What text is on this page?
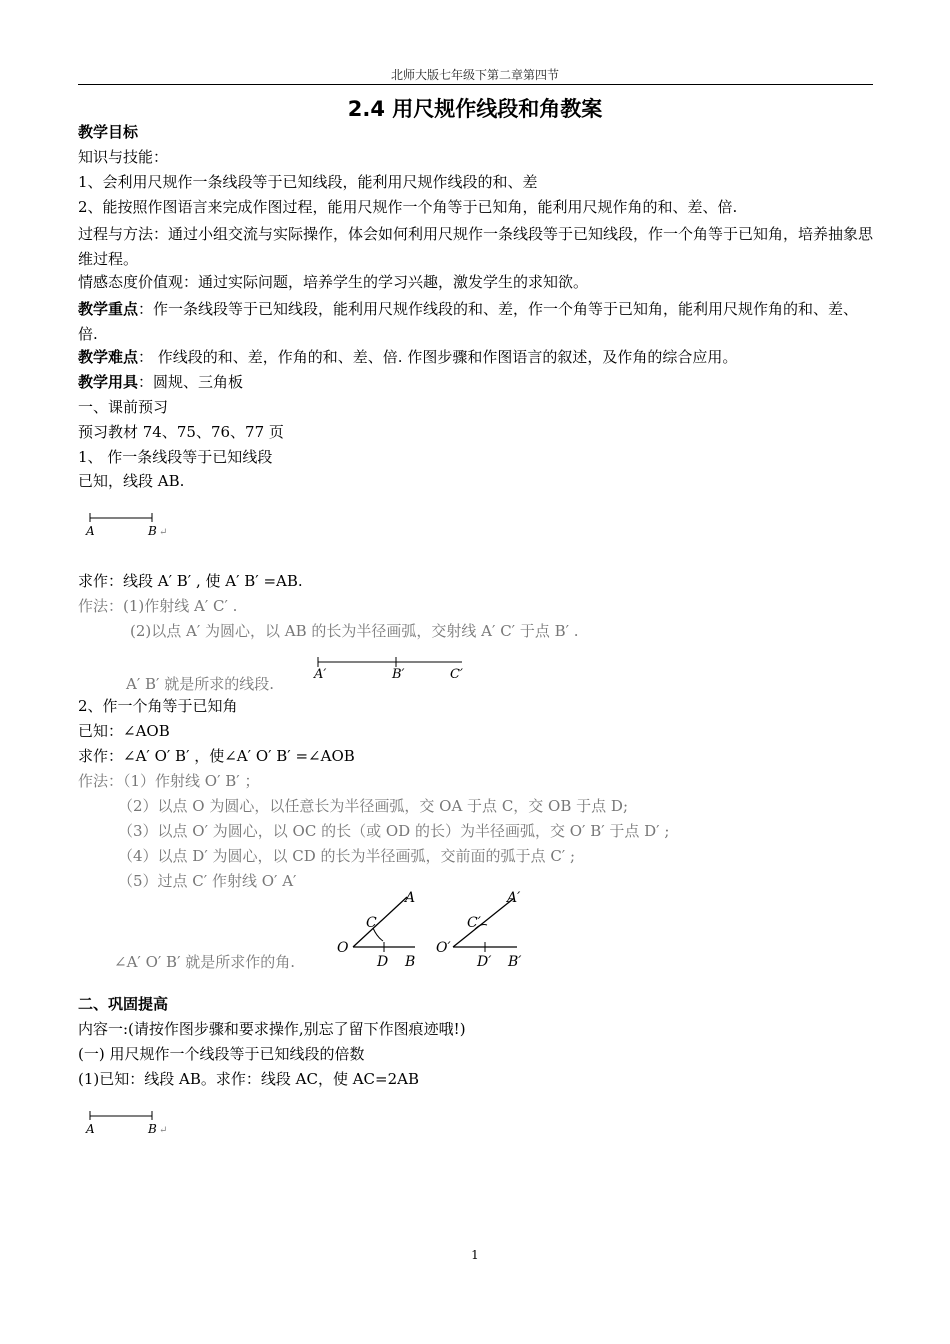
北师大版七年级下第二章第四节
2.4 用尺规作线段和角教案
教学目标
知识与技能：
1、会利用尺规作一条线段等于已知线段，能利用尺规作线段的和、差
2、能按照作图语言来完成作图过程，能用尺规作一个角等于已知角，能利用尺规作角的和、差、倍.
过程与方法：通过小组交流与实际操作，体会如何利用尺规作一条线段等于已知线段，作一个角等于已知角，培养抽象思维过程。
情感态度价值观：通过实际问题，培养学生的学习兴趣，激发学生的求知欲。
教学重点：作一条线段等于已知线段，能利用尺规作线段的和、差，作一个角等于已知角，能利用尺规作角的和、差、倍.
教学难点： 作线段的和、差，作角的和、差、倍. 作图步骤和作图语言的叙述，及作角的综合应用。
教学用具：圆规、三角板
一、课前预习
预习教材 74、75、76、77 页
1、 作一条线段等于已知线段
已知，线段 AB.
A	B ↵
求作：线段 A′ B′ , 使 A′ B′ =AB.
作法：(1)作射线 A′ C′ .
(2)以点 A′ 为圆心，以 AB 的长为半径画弧，交射线 A′ C′ 于点 B′ .
A′ B′ 就是所求的线段.
A′	B′	C′
2、作一个角等于已知角
已知：∠AOB
求作：∠A′ O′ B′ ，使∠A′ O′ B′ =∠AOB
作法：（1）作射线 O′ B′ ；
（2）以点 O 为圆心，以任意长为半径画弧，交 OA 于点 C，交 OB 于点 D;
（3）以点 O′ 为圆心，以 OC 的长（或 OD 的长）为半径画弧，交 O′ B′ 于点 D′ ;
（4）以点 D′ 为圆心，以 CD 的长为半径画弧，交前面的弧于点 C′ ;
（5）过点 C′ 作射线 O′ A′
∠A′ O′ B′ 就是所求作的角.
O
A
C
D B
O′
A′
C′
D′ B′
二、巩固提高
内容一:(请按作图步骤和要求操作,别忘了留下作图痕迹哦!)
(一) 用尺规作一个线段等于已知线段的倍数
(1)已知：线段 AB。求作：线段 AC，使 AC=2AB
A	B ↵
1
